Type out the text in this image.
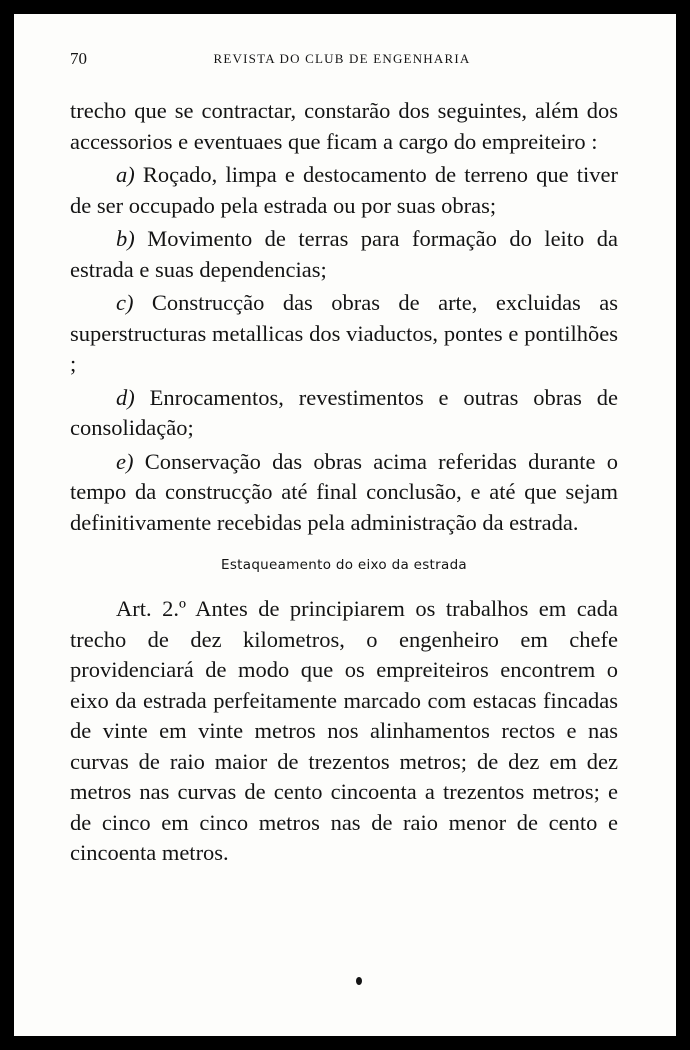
70	REVISTA DO CLUB DE ENGENHARIA

trecho que se contractar, constarão dos seguintes, além dos accessorios e eventuaes que ficam a cargo do empreiteiro :

a) Roçado, limpa e destocamento de terreno que tiver de ser occupado pela estrada ou por suas obras;

b) Movimento de terras para formação do leito da estrada e suas dependencias;

c) Construcção das obras de arte, excluidas as superstructuras metallicas dos viaductos, pontes e pontilhões ;

d) Enrocamentos, revestimentos e outras obras de consolidação;

e) Conservação das obras acima referidas durante o tempo da construcção até final conclusão, e até que sejam definitivamente recebidas pela administração da estrada.

Estaqueamento do eixo da estrada

Art. 2.º Antes de principiarem os trabalhos em cada trecho de dez kilometros, o engenheiro em chefe providenciará de modo que os empreiteiros encontrem o eixo da estrada perfeitamente marcado com estacas fincadas de vinte em vinte metros nos alinhamentos rectos e nas curvas de raio maior de trezentos metros; de dez em dez metros nas curvas de cento cincoenta a trezentos metros; e de cinco em cinco metros nas de raio menor de cento e cincoenta metros.
